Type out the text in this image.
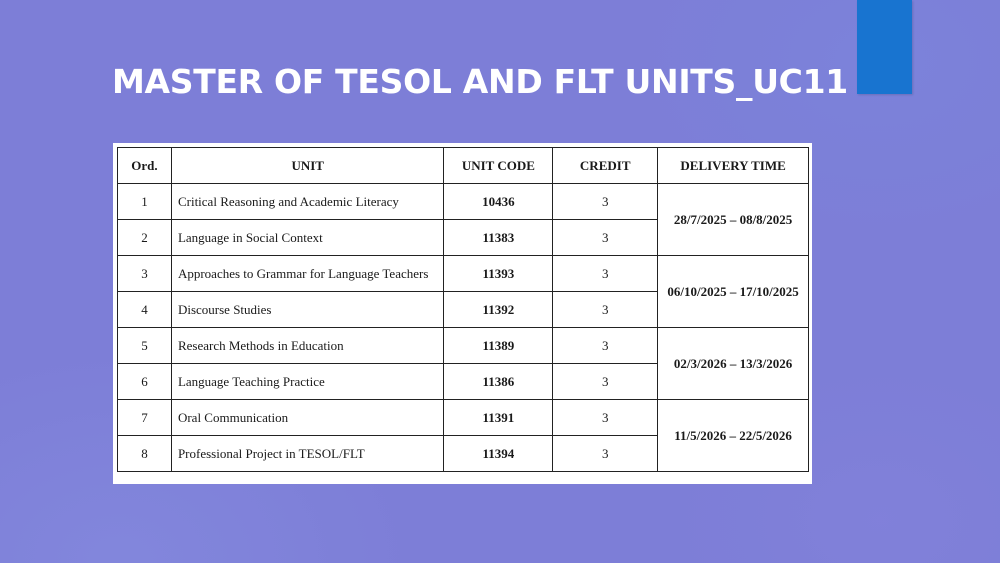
MASTER OF TESOL AND FLT UNITS_UC11
Ord.	UNIT	UNIT CODE	CREDIT	DELIVERY TIME
1	Critical Reasoning and Academic Literacy	10436	3	28/7/2025 – 08/8/2025
2	Language in Social Context	11383	3	
3	Approaches to Grammar for Language Teachers	11393	3	06/10/2025 – 17/10/2025
4	Discourse Studies	11392	3	
5	Research Methods in Education	11389	3	02/3/2026 – 13/3/2026
6	Language Teaching Practice	11386	3	
7	Oral Communication	11391	3	11/5/2026 – 22/5/2026
8	Professional Project in TESOL/FLT	11394	3	
